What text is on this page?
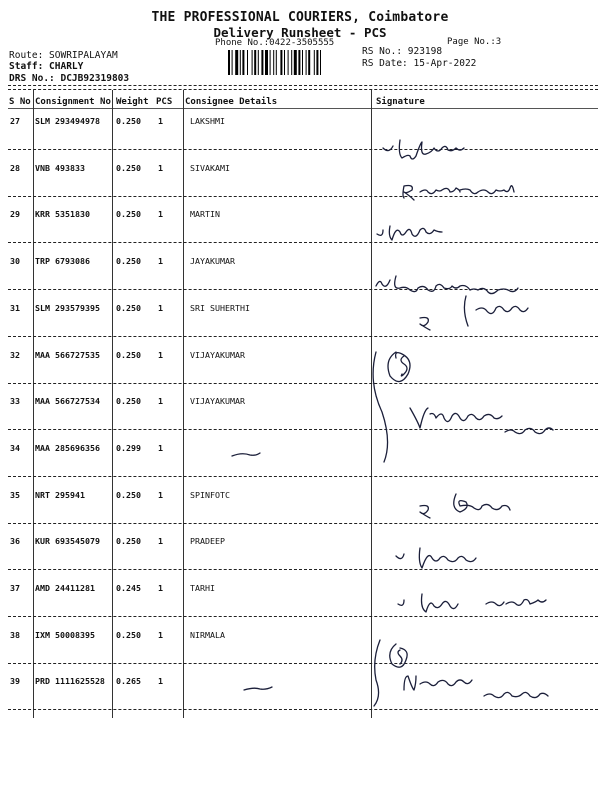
THE PROFESSIONAL COURIERS, Coimbatore
Delivery Runsheet - PCS
Phone No.:0422-3505555	Page No.:3
Route: SOWRIPALAYAM
Staff: CHARLY
DRS No.: DCJB92319803
RS No.: 923198
RS Date: 15-Apr-2022
S No Consignment No Weight PCS Consignee Details	Signature
27 SLM 293494978 0.250 1	LAKSHMI
28 VNB 493833	0.250 1	SIVAKAMI
29 KRR 5351830	0.250 1	MARTIN
30 TRP 6793086	0.250 1	JAYAKUMAR
31 SLM 293579395 0.250 1	SRI SUHERTHI
32 MAA 566727535 0.250 1	VIJAYAKUMAR
33 MAA 566727534 0.250 1	VIJAYAKUMAR
34 MAA 285696356 0.299 1
35 NRT 295941	0.250 1	SPINFOTC
36 KUR 693545079 0.250 1	PRADEEP
37 AMD 24411281	0.245 1	TARHI
38 IXM 50008395	0.250 1	NIRMALA
39 PRD 1111625528 0.265 1
